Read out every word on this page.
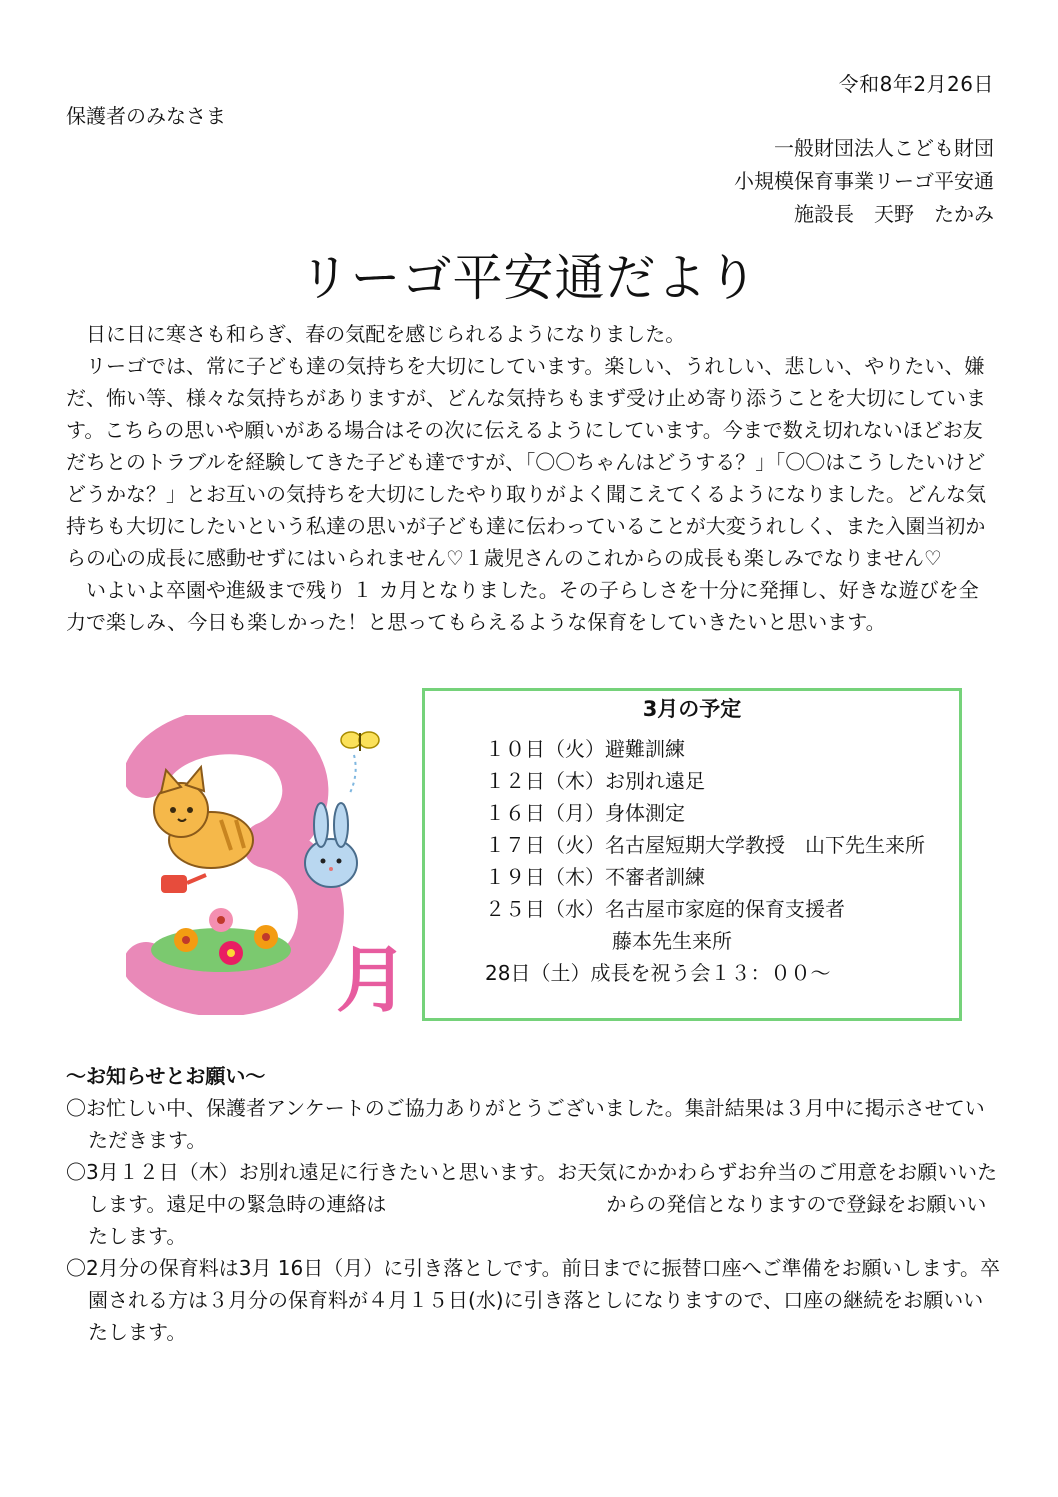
令和8年2月26日
保護者のみなさま
一般財団法人こども財団
小規模保育事業リーゴ平安通
施設長　天野　たかみ
リーゴ平安通だより

　日に日に寒さも和らぎ、春の気配を感じられるようになりました。

　リーゴでは、常に子ども達の気持ちを大切にしています。楽しい、うれしい、悲しい、やりたい、嫌だ、怖い等、様々な気持ちがありますが、どんな気持ちもまず受け止め寄り添うことを大切にしています。こちらの思いや願いがある場合はその次に伝えるようにしています。今まで数え切れないほどお友だちとのトラブルを経験してきた子ども達ですが、「〇〇ちゃんはどうする？」「〇〇はこうしたいけどどうかな？」とお互いの気持ちを大切にしたやり取りがよく聞こえてくるようになりました。どんな気持ちも大切にしたいという私達の思いが子ども達に伝わっていることが大変うれしく、また入園当初からの心の成長に感動せずにはいられません♡１歳児さんのこれからの成長も楽しみでなりません♡

　いよいよ卒園や進級まで残り １ カ月となりました。その子らしさを十分に発揮し、好きな遊びを全力で楽しみ、今日も楽しかった！と思ってもらえるような保育をしていきたいと思います。

月
3月の予定
１０日（火）避難訓練
１２日（木）お別れ遠足
１６日（月）身体測定
１７日（火）名古屋短期大学教授　山下先生来所
１９日（木）不審者訓練
２５日（水）名古屋市家庭的保育支援者
藤本先生来所
28日（土）成長を祝う会１３：００～
～お知らせとお願い～

〇お忙しい中、保護者アンケートのご協力ありがとうございました。集計結果は３月中に掲示させていただきます。

〇3月１２日（木）お別れ遠足に行きたいと思います。お天気にかかわらずお弁当のご用意をお願いいたします。遠足中の緊急時の連絡は	からの発信となりますので登録をお願いいたします。

〇2月分の保育料は3月 16日（月）に引き落としです。前日までに振替口座へご準備をお願いします。卒園される方は３月分の保育料が４月１５日(水)に引き落としになりますので、口座の継続をお願いいたします。
